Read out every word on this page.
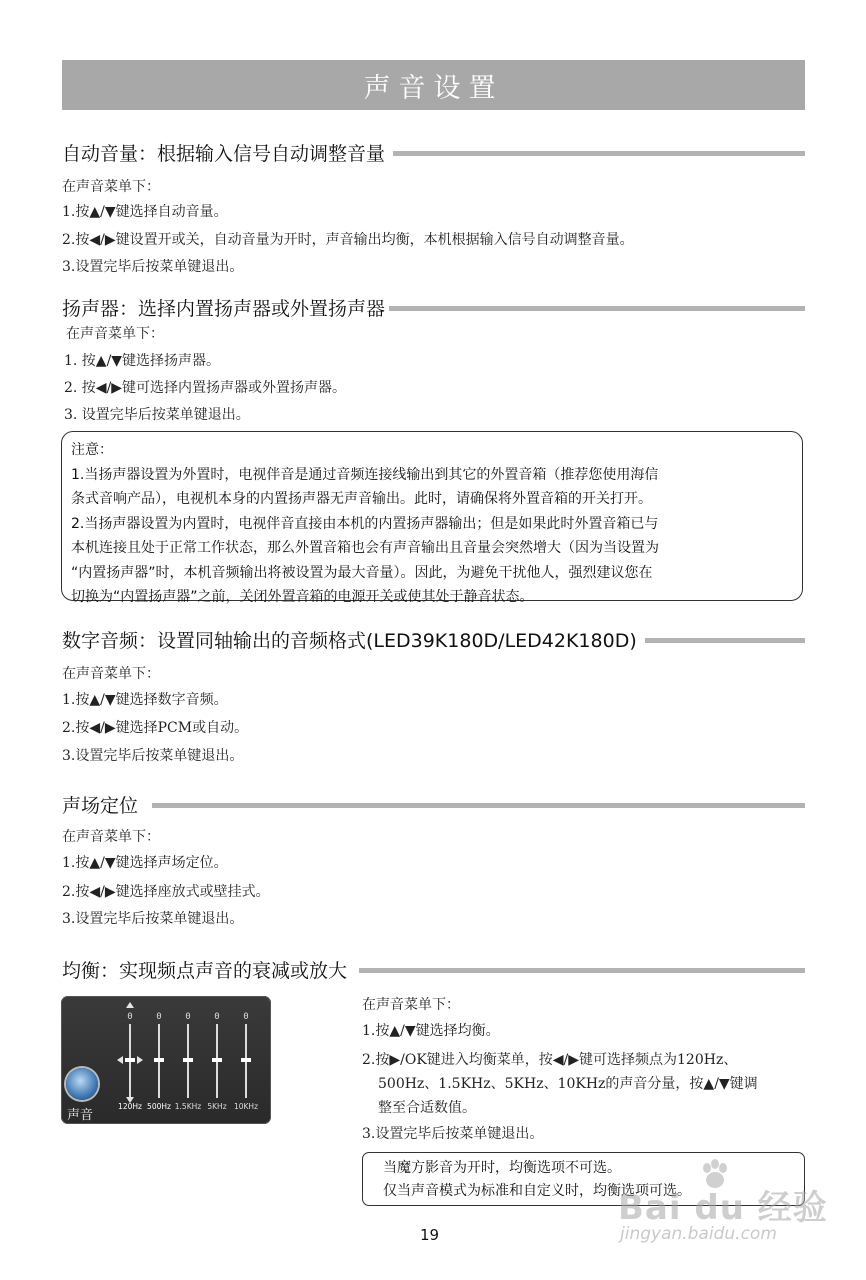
声音设置
自动音量：根据输入信号自动调整音量
在声音菜单下：
1.按▲/▼键选择自动音量。
2.按◀/▶键设置开或关，自动音量为开时，声音输出均衡，本机根据输入信号自动调整音量。
3.设置完毕后按菜单键退出。
扬声器：选择内置扬声器或外置扬声器
在声音菜单下：
1. 按▲/▼键选择扬声器。
2. 按◀/▶键可选择内置扬声器或外置扬声器。
3. 设置完毕后按菜单键退出。
注意：
1.当扬声器设置为外置时，电视伴音是通过音频连接线输出到其它的外置音箱（推荐您使用海信
条式音响产品），电视机本身的内置扬声器无声音输出。此时，请确保将外置音箱的开关打开。
2.当扬声器设置为内置时，电视伴音直接由本机的内置扬声器输出；但是如果此时外置音箱已与
本机连接且处于正常工作状态，那么外置音箱也会有声音输出且音量会突然增大（因为当设置为
“内置扬声器”时，本机音频输出将被设置为最大音量）。因此，为避免干扰他人，强烈建议您在
切换为“内置扬声器”之前，关闭外置音箱的电源开关或使其处于静音状态。
数字音频：设置同轴输出的音频格式(LED39K180D/LED42K180D)
在声音菜单下：
1.按▲/▼键选择数字音频。
2.按◀/▶键选择PCM或自动。
3.设置完毕后按菜单键退出。
声场定位
在声音菜单下：
1.按▲/▼键选择声场定位。
2.按◀/▶键选择座放式或壁挂式。
3.设置完毕后按菜单键退出。
均衡：实现频点声音的衰减或放大
声音
0
120Hz
0
500Hz
0
1.5KHz
0
5KHz
0
10KHz
在声音菜单下：
1.按▲/▼键选择均衡。
2.按▶/OK键进入均衡菜单，按◀/▶键可选择频点为120Hz、
500Hz、1.5KHz、5KHz、10KHz的声音分量，按▲/▼键调
整至合适数值。
3.设置完毕后按菜单键退出。
当魔方影音为开时，均衡选项不可选。
仅当声音模式为标准和自定义时，均衡选项可选。
19
Bai du 经验
jingyan.baidu.com
